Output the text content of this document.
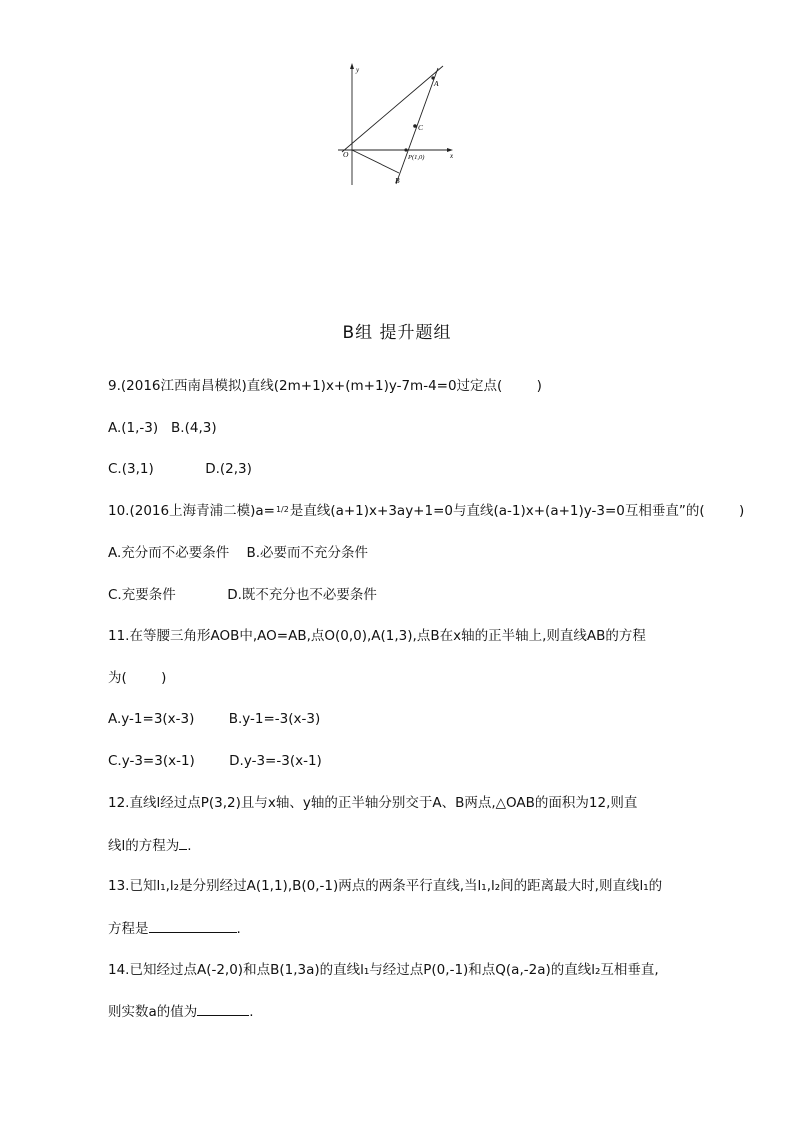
y
x
O
A
C
P(1,0)
B
B组 提升题组
9.(2016江西南昌模拟)直线(2m+1)x+(m+1)y-7m-4=0过定点(        )
A.(1,-3)   B.(4,3)
C.(3,1)            D.(2,3)
10.(2016上海青浦二模)a=1/2是直线(a+1)x+3ay+1=0与直线(a-1)x+(a+1)y-3=0互相垂直”的(        )
A.充分而不必要条件    B.必要而不充分条件
C.充要条件            D.既不充分也不必要条件
11.在等腰三角形AOB中,AO=AB,点O(0,0),A(1,3),点B在x轴的正半轴上,则直线AB的方程
为(        )
A.y-1=3(x-3)        B.y-1=-3(x-3)
C.y-3=3(x-1)        D.y-3=-3(x-1)
12.直线l经过点P(3,2)且与x轴、y轴的正半轴分别交于A、B两点,△OAB的面积为12,则直
线l的方程为 .
13.已知l₁,l₂是分别经过A(1,1),B(0,-1)两点的两条平行直线,当l₁,l₂间的距离最大时,则直线l₁的
方程是	.
14.已知经过点A(-2,0)和点B(1,3a)的直线l₁与经过点P(0,-1)和点Q(a,-2a)的直线l₂互相垂直,
则实数a的值为	.
